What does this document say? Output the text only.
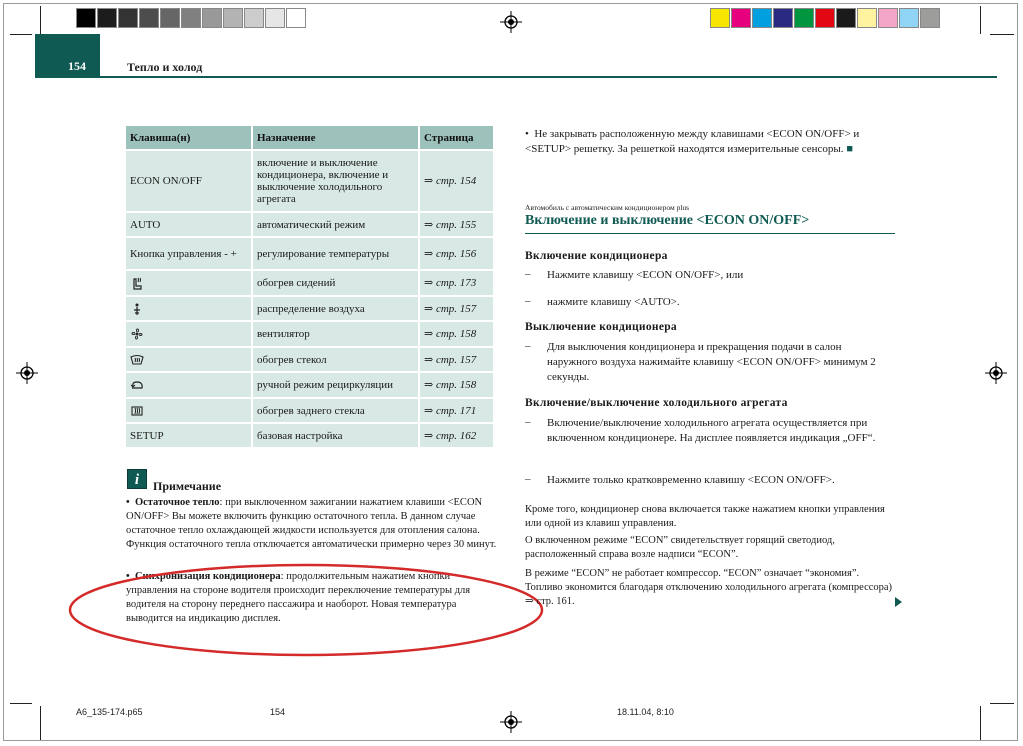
154	Тепло и холод
Клавиша(н)	Назначение	Страница
ECON ON/OFF	включение и выключение кондиционера, включение и выключение холодильного агрегата	⇒ стр. 154
AUTO	автоматический режим	⇒ стр. 155
Кнопка управления - +	регулирование температуры	⇒ стр. 156
	обогрев сидений	⇒ стр. 173
	распределение воздуха	⇒ стр. 157
	вентилятор	⇒ стр. 158
	обогрев стекол	⇒ стр. 157
	ручной режим рециркуляции	⇒ стр. 158
	обогрев заднего стекла	⇒ стр. 171
SETUP	базовая настройка	⇒ стр. 162
i	Примечание
•  Остаточное тепло: при выключенном зажигании нажатием клавиши <ECON ON/OFF> Вы можете включить функцию остаточного тепла. В данном случае остаточное тепло охлаждающей жидкости используется для отопления салона. Функция остаточного тепла отключается автоматически примерно через 30 минут.
•  Синхронизация кондиционера: продолжительным нажатием кнопки управления на стороне водителя происходит переключение температуры для водителя на сторону переднего пассажира и наоборот. Новая температура выводится на индикацию дисплея.
•  Не закрывать расположенную между клавишами <ECON ON/OFF> и <SETUP> решетку. За решеткой находятся измерительные сенсоры. ■
Автомобиль с автоматическим кондиционером plus
Включение и выключение <ECON ON/OFF>
Включение кондиционера
– Нажмите клавишу <ECON ON/OFF>, или
– нажмите клавишу <AUTO>.
Выключение кондиционера
– Для выключения кондиционера и прекращения подачи в салон наружного воздуха нажимайте клавишу <ECON ON/OFF> минимум 2 секунды.
Включение/выключение холодильного агрегата
– Включение/выключение холодильного агрегата осуществляется при включенном кондиционере. На дисплее появляется индикация „OFF“.
– Нажмите только кратковременно клавишу <ECON ON/OFF>.
Кроме того, кондиционер снова включается также нажатием кнопки управления или одной из клавиш управления.
О включенном режиме “ECON” свидетельствует горящий светодиод, расположенный справа возле надписи “ECON”.
В режиме “ECON” не работает компрессор. “ECON” означает “экономия”. Топливо экономится благодаря отключению холодильного агрегата (компрессора) ⇒ стр. 161.
A6_135-174.p65	154	18.11.04, 8:10
